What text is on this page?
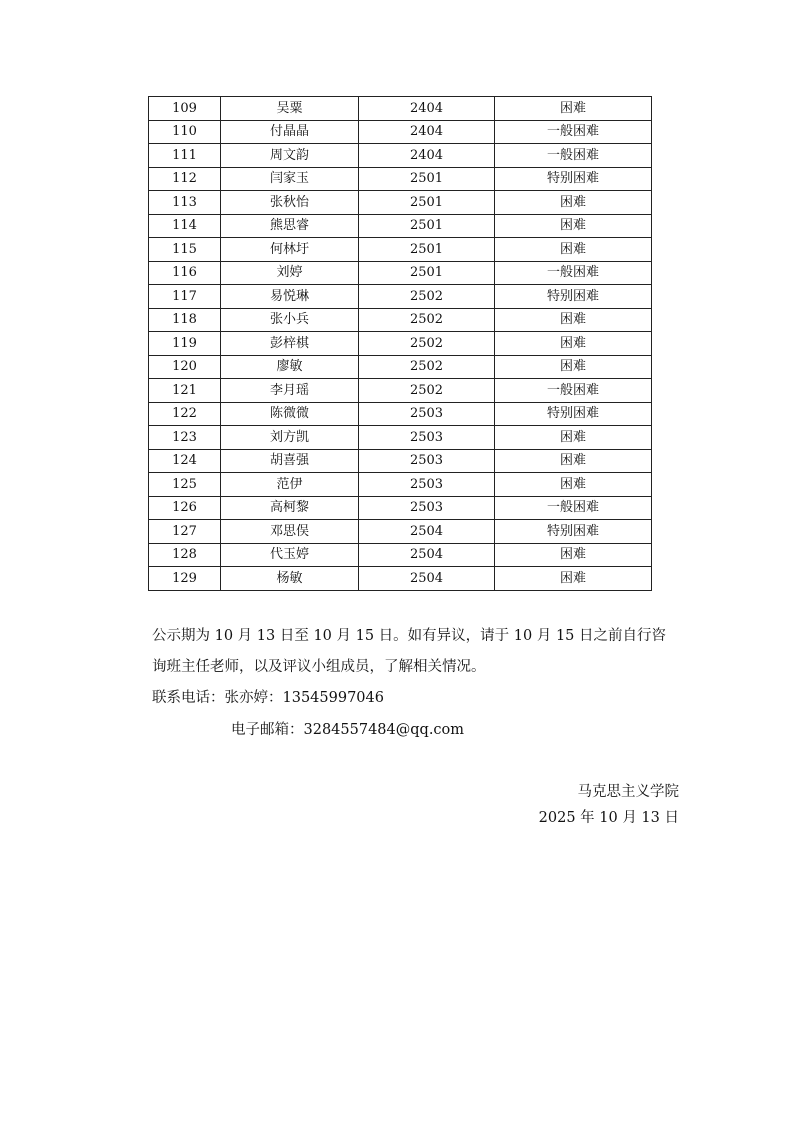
109	吴粟	2404	困难
110	付晶晶	2404	一般困难
111	周文韵	2404	一般困难
112	闫家玉	2501	特别困难
113	张秋怡	2501	困难
114	熊思睿	2501	困难
115	何林圩	2501	困难
116	刘婷	2501	一般困难
117	易悦琳	2502	特别困难
118	张小兵	2502	困难
119	彭梓棋	2502	困难
120	廖敏	2502	困难
121	李月瑶	2502	一般困难
122	陈微微	2503	特别困难
123	刘方凯	2503	困难
124	胡喜强	2503	困难
125	范伊	2503	困难
126	高柯黎	2503	一般困难
127	邓思俣	2504	特别困难
128	代玉婷	2504	困难
129	杨敏	2504	困难
公示期为 10 月 13 日至 10 月 15 日。如有异议，请于 10 月 15 日之前自行咨
询班主任老师，以及评议小组成员，了解相关情况。
联系电话：张亦婷：13545997046
电子邮箱：3284557484@qq.com
马克思主义学院
2025 年 10 月 13 日
